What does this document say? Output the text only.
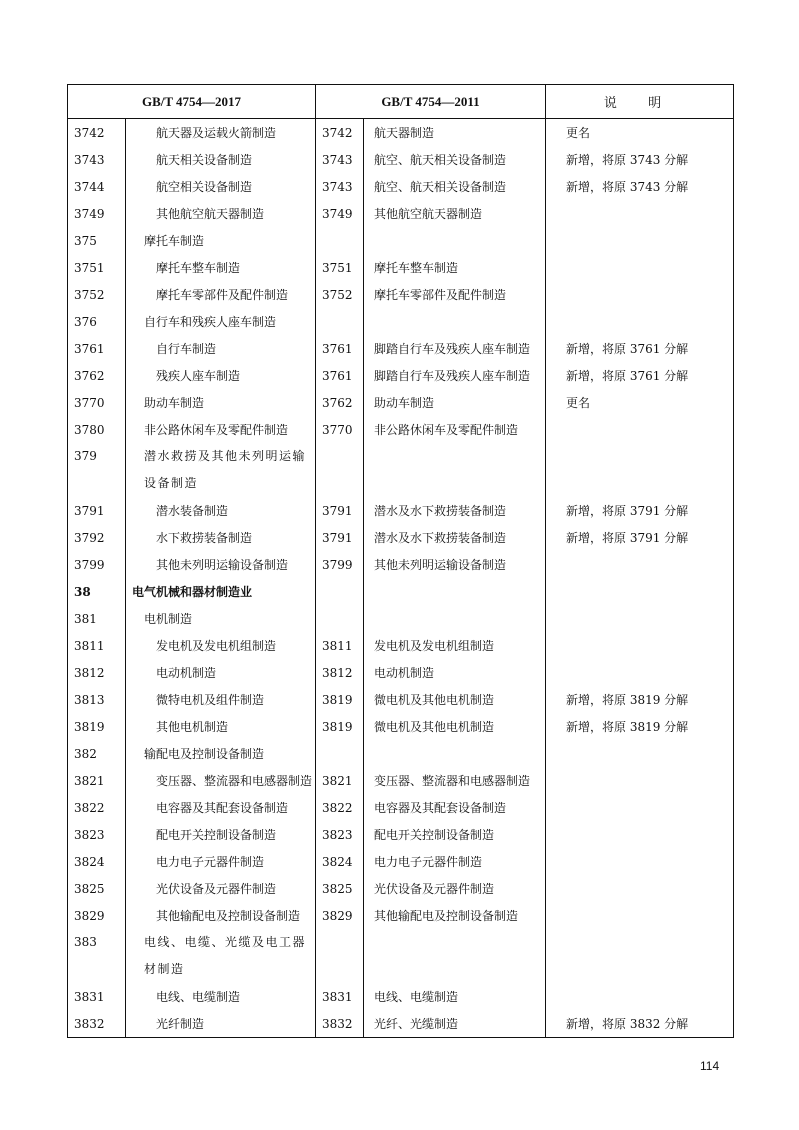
GB/T 4754—2017		GB/T 4754—2011		说 明
3742	航天器及运载火箭制造	3742	航天器制造	更名
3743	航天相关设备制造	3743	航空、航天相关设备制造	新增，将原 3743 分解
3744	航空相关设备制造	3743	航空、航天相关设备制造	新增，将原 3743 分解
3749	其他航空航天器制造	3749	其他航空航天器制造	
375	摩托车制造			
3751	摩托车整车制造	3751	摩托车整车制造	
3752	摩托车零部件及配件制造	3752	摩托车零部件及配件制造	
376	自行车和残疾人座车制造			
3761	自行车制造	3761	脚踏自行车及残疾人座车制造	新增，将原 3761 分解
3762	残疾人座车制造	3761	脚踏自行车及残疾人座车制造	新增，将原 3761 分解
3770	助动车制造	3762	助动车制造	更名
3780	非公路休闲车及零配件制造	3770	非公路休闲车及零配件制造	
379	潜水救捞及其他未列明运输设备制造			
3791	潜水装备制造	3791	潜水及水下救捞装备制造	新增，将原 3791 分解
3792	水下救捞装备制造	3791	潜水及水下救捞装备制造	新增，将原 3791 分解
3799	其他未列明运输设备制造	3799	其他未列明运输设备制造	
38	电气机械和器材制造业			
381	电机制造			
3811	发电机及发电机组制造	3811	发电机及发电机组制造	
3812	电动机制造	3812	电动机制造	
3813	微特电机及组件制造	3819	微电机及其他电机制造	新增，将原 3819 分解
3819	其他电机制造	3819	微电机及其他电机制造	新增，将原 3819 分解
382	输配电及控制设备制造			
3821	变压器、整流器和电感器制造	3821	变压器、整流器和电感器制造	
3822	电容器及其配套设备制造	3822	电容器及其配套设备制造	
3823	配电开关控制设备制造	3823	配电开关控制设备制造	
3824	电力电子元器件制造	3824	电力电子元器件制造	
3825	光伏设备及元器件制造	3825	光伏设备及元器件制造	
3829	其他输配电及控制设备制造	3829	其他输配电及控制设备制造	
383	电线、电缆、光缆及电工器材制造			
3831	电线、电缆制造	3831	电线、电缆制造	
3832	光纤制造	3832	光纤、光缆制造	新增，将原 3832 分解
114
